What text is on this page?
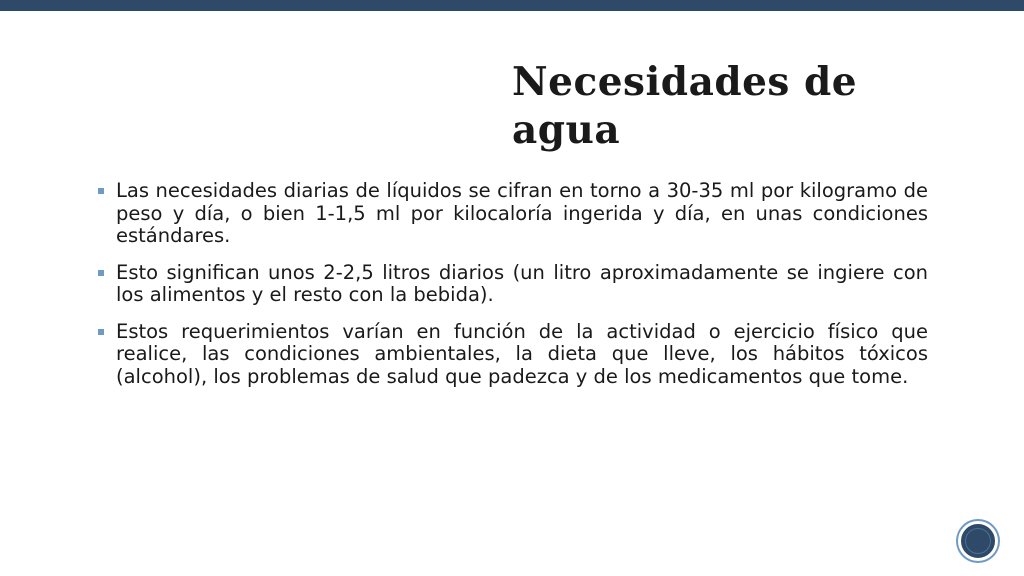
Necesidades de agua
Las necesidades diarias de líquidos se cifran en torno a 30-35 ml por kilogramo de peso y día, o bien 1-1,5 ml por kilocaloría ingerida y día, en unas condiciones estándares.
Esto significan unos 2-2,5 litros diarios (un litro aproximadamente se ingiere con los alimentos y el resto con la bebida).
Estos requerimientos varían en función de la actividad o ejercicio físico que realice, las condiciones ambientales, la dieta que lleve, los hábitos tóxicos (alcohol), los problemas de salud que padezca y de los medicamentos que tome.
